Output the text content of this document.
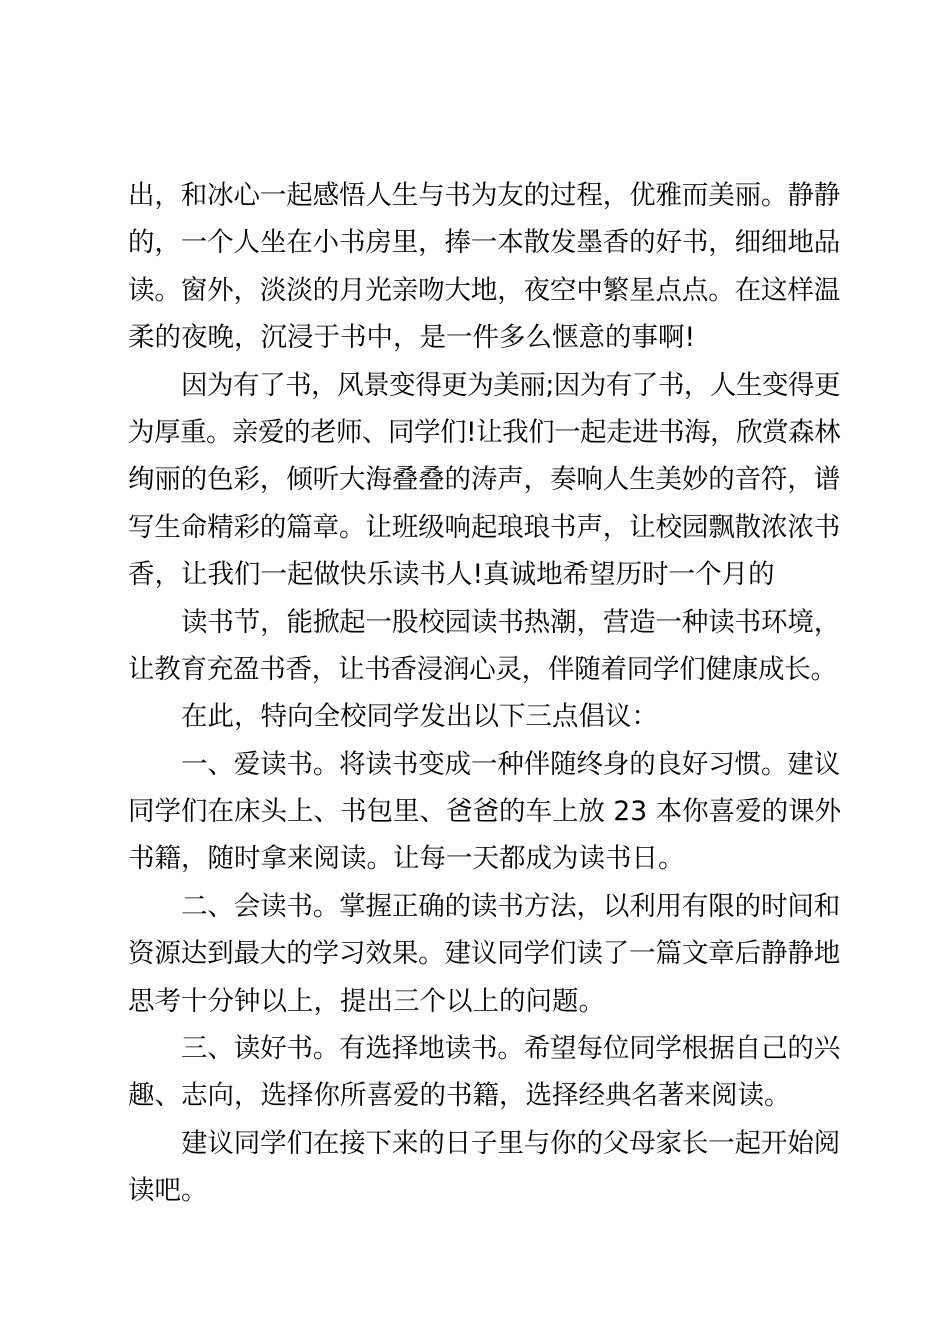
出，和冰心一起感悟人生与书为友的过程，优雅而美丽。静静
的，一个人坐在小书房里，捧一本散发墨香的好书，细细地品
读。窗外，淡淡的月光亲吻大地，夜空中繁星点点。在这样温
柔的夜晚，沉浸于书中，是一件多么惬意的事啊!
因为有了书，风景变得更为美丽;因为有了书，人生变得更
为厚重。亲爱的老师、同学们!让我们一起走进书海，欣赏森林
绚丽的色彩，倾听大海叠叠的涛声，奏响人生美妙的音符，谱
写生命精彩的篇章。让班级响起琅琅书声，让校园飘散浓浓书
香，让我们一起做快乐读书人!真诚地希望历时一个月的
读书节，能掀起一股校园读书热潮，营造一种读书环境，
让教育充盈书香，让书香浸润心灵，伴随着同学们健康成长。
在此，特向全校同学发出以下三点倡议：
一、爱读书。将读书变成一种伴随终身的良好习惯。建议
同学们在床头上、书包里、爸爸的车上放 23 本你喜爱的课外
书籍，随时拿来阅读。让每一天都成为读书日。
二、会读书。掌握正确的读书方法，以利用有限的时间和
资源达到最大的学习效果。建议同学们读了一篇文章后静静地
思考十分钟以上，提出三个以上的问题。
三、读好书。有选择地读书。希望每位同学根据自己的兴
趣、志向，选择你所喜爱的书籍，选择经典名著来阅读。
建议同学们在接下来的日子里与你的父母家长一起开始阅
读吧。
